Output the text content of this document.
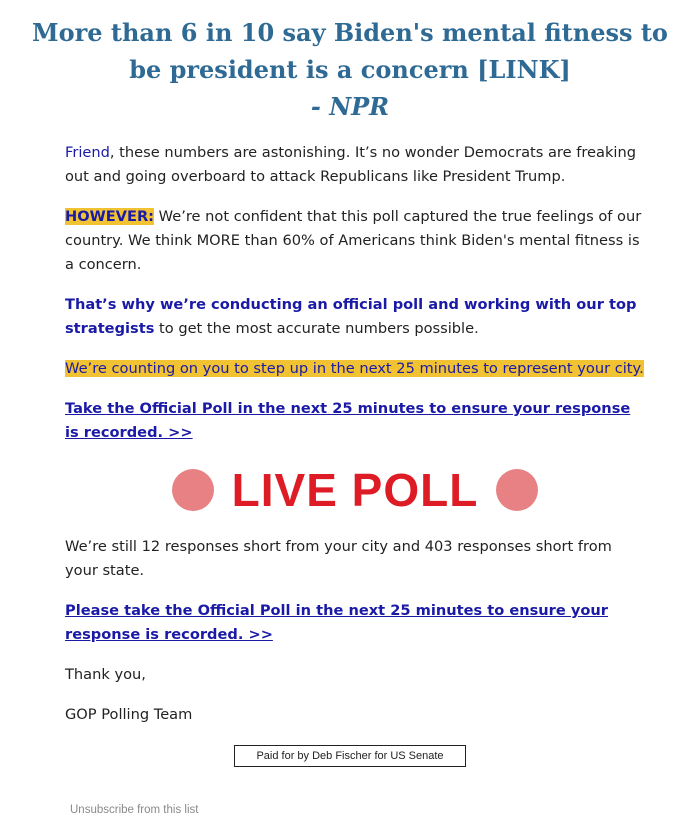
More than 6 in 10 say Biden's mental fitness to
be president is a concern [LINK]
- NPR

Friend, these numbers are astonishing. It’s no wonder Democrats are freaking out and going overboard to attack Republicans like President Trump.

HOWEVER: We’re not confident that this poll captured the true feelings of our country. We think MORE than 60% of Americans think Biden's mental fitness is a concern.

That’s why we’re conducting an official poll and working with our top strategists to get the most accurate numbers possible.

We’re counting on you to step up in the next 25 minutes to represent your city.

Take the Official Poll in the next 25 minutes to ensure your response is recorded. >>

LIVE POLL

We’re still 12 responses short from your city and 403 responses short from your state.

Please take the Official Poll in the next 25 minutes to ensure your response is recorded. >>

Thank you,

GOP Polling Team

Paid for by Deb Fischer for US Senate
Unsubscribe from this list
